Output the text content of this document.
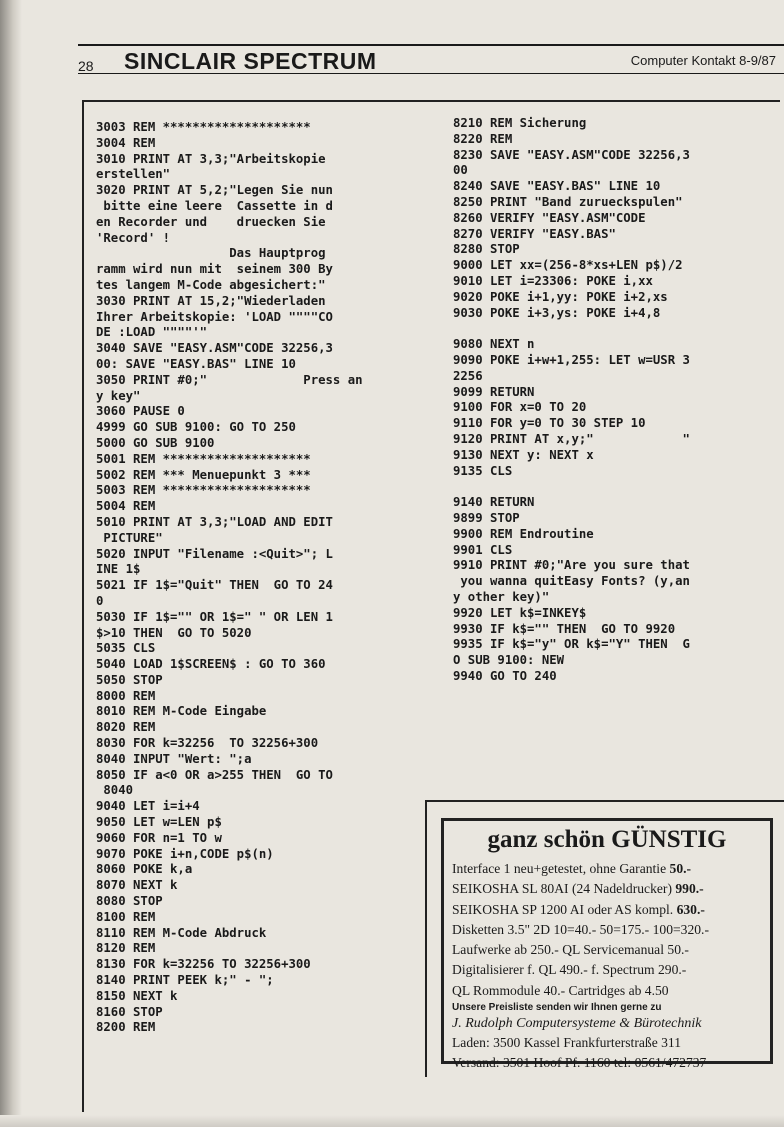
28 SINCLAIR SPECTRUM	Computer Kontakt 8-9/87
3003 REM ********************
3004 REM
3010 PRINT AT 3,3;"Arbeitskopie
erstellen"
3020 PRINT AT 5,2;"Legen Sie nun
bitte eine leere  Cassette in d
en Recorder und    druecken Sie
'Record' !
Das Hauptprog
ramm wird nun mit  seinem 300 By
tes langem M-Code abgesichert:"
3030 PRINT AT 15,2;"Wiederladen
Ihrer Arbeitskopie: 'LOAD """"CO
DE :LOAD """"'"
3040 SAVE "EASY.ASM"CODE 32256,3
00: SAVE "EASY.BAS" LINE 10
3050 PRINT #0;"             Press an
y key"
3060 PAUSE 0
4999 GO SUB 9100: GO TO 250
5000 GO SUB 9100
5001 REM ********************
5002 REM *** Menuepunkt 3 ***
5003 REM ********************
5004 REM
5010 PRINT AT 3,3;"LOAD AND EDIT
PICTURE"
5020 INPUT "Filename :<Quit>"; L
INE 1$
5021 IF 1$="Quit" THEN  GO TO 24
0
5030 IF 1$="" OR 1$=" " OR LEN 1
$>10 THEN  GO TO 5020
5035 CLS
5040 LOAD 1$SCREEN$ : GO TO 360
5050 STOP
8000 REM
8010 REM M-Code Eingabe
8020 REM
8030 FOR k=32256  TO 32256+300
8040 INPUT "Wert: ";a
8050 IF a<0 OR a>255 THEN  GO TO
8040
9040 LET i=i+4
9050 LET w=LEN p$
9060 FOR n=1 TO w
9070 POKE i+n,CODE p$(n)
8060 POKE k,a
8070 NEXT k
8080 STOP
8100 REM
8110 REM M-Code Abdruck
8120 REM
8130 FOR k=32256 TO 32256+300
8140 PRINT PEEK k;" - ";
8150 NEXT k
8160 STOP
8200 REM
8210 REM Sicherung
8220 REM
8230 SAVE "EASY.ASM"CODE 32256,3
00
8240 SAVE "EASY.BAS" LINE 10
8250 PRINT "Band zurueckspulen"
8260 VERIFY "EASY.ASM"CODE
8270 VERIFY "EASY.BAS"
8280 STOP
9000 LET xx=(256-8*xs+LEN p$)/2
9010 LET i=23306: POKE i,xx
9020 POKE i+1,yy: POKE i+2,xs
9030 POKE i+3,ys: POKE i+4,8

9080 NEXT n
9090 POKE i+w+1,255: LET w=USR 3
2256
9099 RETURN
9100 FOR x=0 TO 20
9110 FOR y=0 TO 30 STEP 10
9120 PRINT AT x,y;"            "
9130 NEXT y: NEXT x
9135 CLS

9140 RETURN
9899 STOP
9900 REM Endroutine
9901 CLS
9910 PRINT #0;"Are you sure that
you wanna quitEasy Fonts? (y,an
y other key)"
9920 LET k$=INKEY$
9930 IF k$="" THEN  GO TO 9920
9935 IF k$="y" OR k$="Y" THEN  G
O SUB 9100: NEW
9940 GO TO 240
ganz schön GÜNSTIG
Interface 1 neu+getestet, ohne Garantie 50.-
SEIKOSHA SL 80AI (24 Nadeldrucker) 990.-
SEIKOSHA SP 1200 AI oder AS kompl. 630.-
Disketten 3.5" 2D 10=40.- 50=175.- 100=320.-
Laufwerke ab 250.- QL Servicemanual 50.-
Digitalisierer f. QL 490.- f. Spectrum 290.-
QL Rommodule 40.- Cartridges ab 4.50
Unsere Preisliste senden wir Ihnen gerne zu
J. Rudolph Computersysteme & Bürotechnik
Laden: 3500 Kassel Frankfurterstraße 311
Versand: 3501 Hoof Pf. 1160 tel: 0561/472737
